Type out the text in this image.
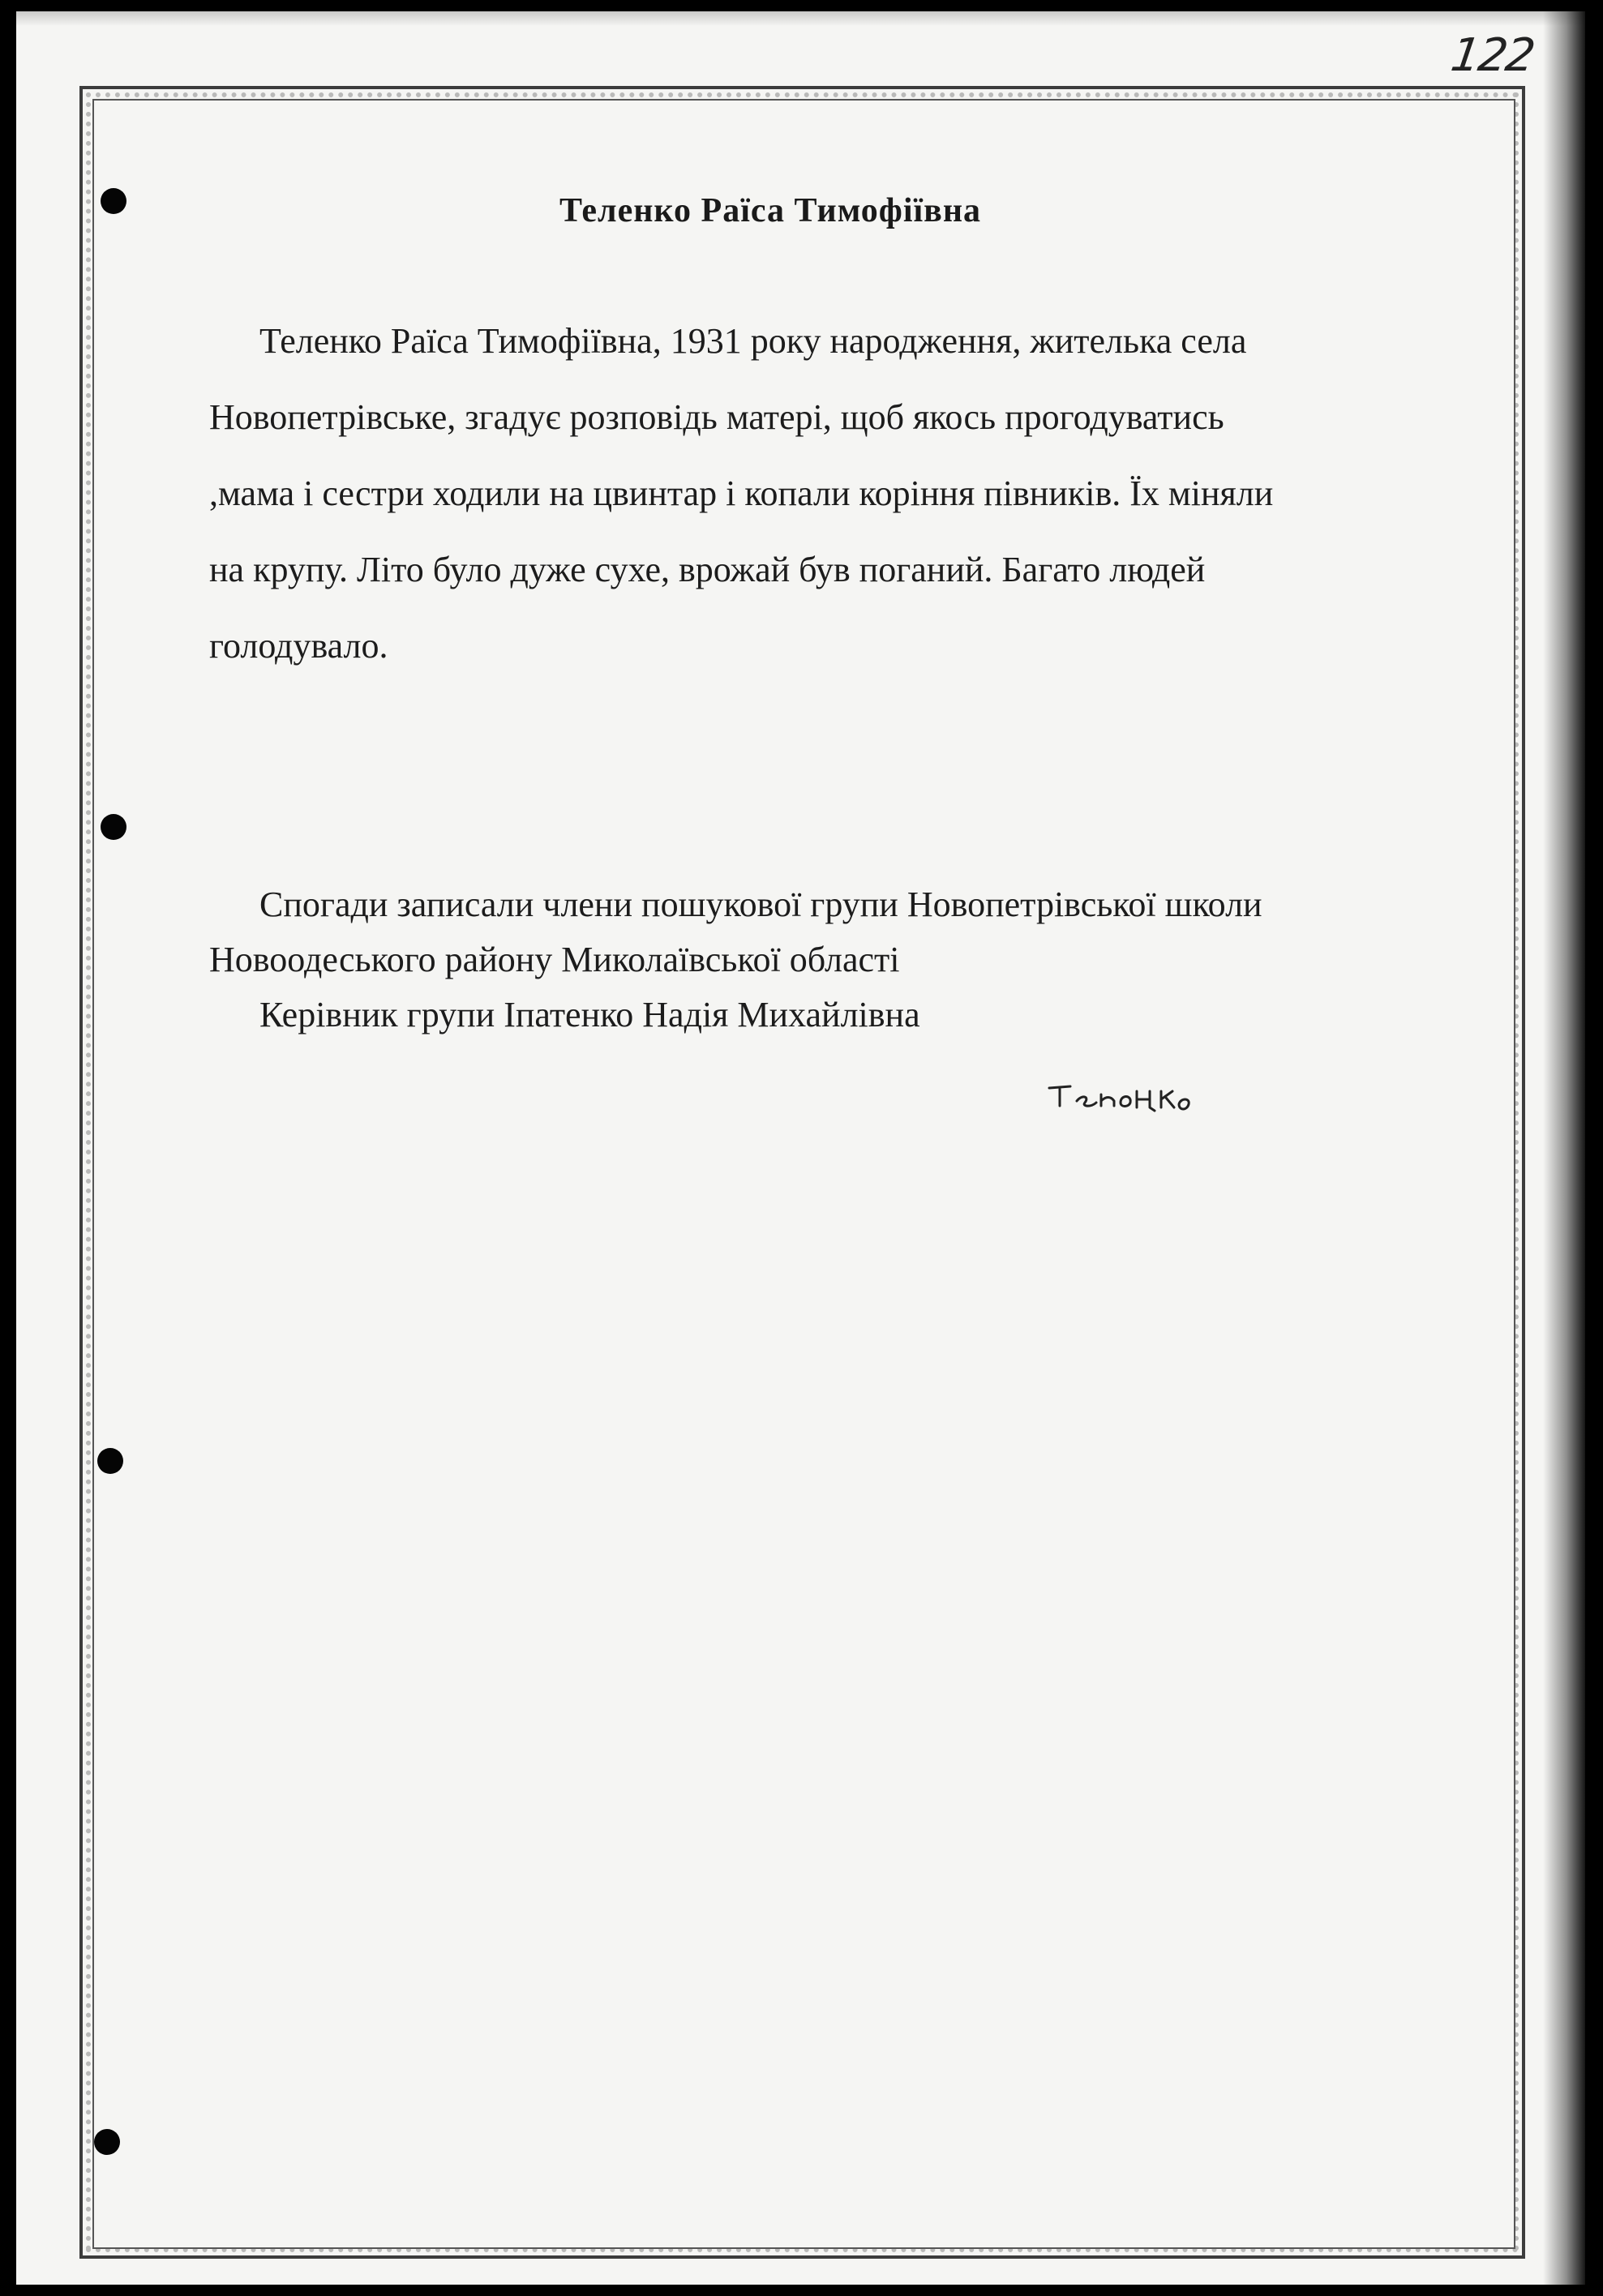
122
Теленко Раїса Тимофіївна
Теленко Раїса Тимофіївна, 1931 року народження, жителька села
Новопетрівське, згадує розповідь матері, щоб якось прогодуватись
,мама і сестри ходили на цвинтар і копали коріння півників. Їх міняли
на крупу. Літо було дуже сухе, врожай був поганий. Багато людей
голодувало.
Спогади записали члени пошукової групи Новопетрівської школи
Новоодеського району Миколаївської області
Керівник групи Іпатенко Надія Михайлівна
